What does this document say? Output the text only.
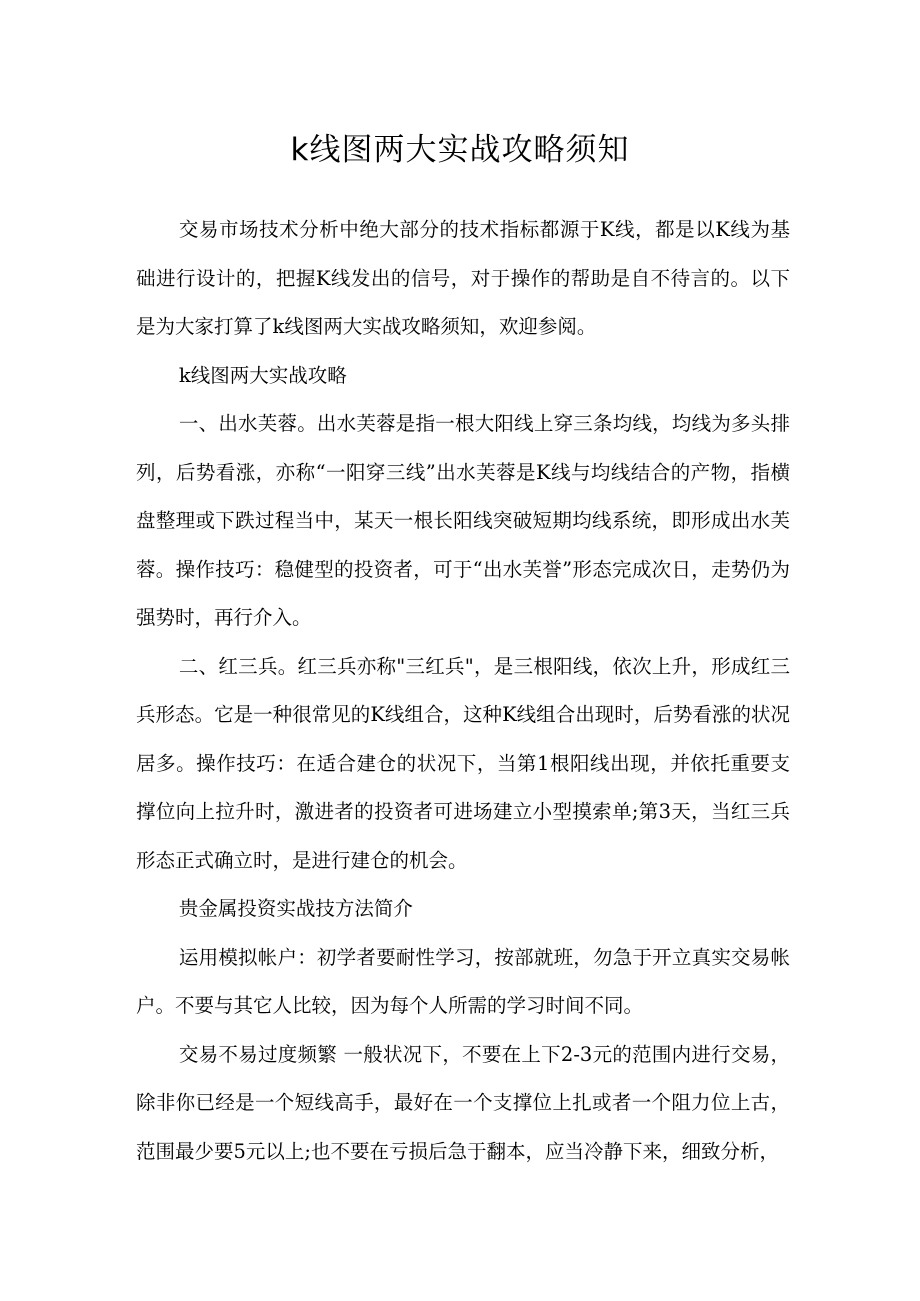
k线图两大实战攻略须知

交易市场技术分析中绝大部分的技术指标都源于K线，都是以K线为基础进行设计的，把握K线发出的信号，对于操作的帮助是自不待言的。以下是为大家打算了k线图两大实战攻略须知，欢迎参阅。

k线图两大实战攻略

一、出水芙蓉。出水芙蓉是指一根大阳线上穿三条均线，均线为多头排列，后势看涨，亦称“一阳穿三线”出水芙蓉是K线与均线结合的产物，指横盘整理或下跌过程当中，某天一根长阳线突破短期均线系统，即形成出水芙蓉。操作技巧：稳健型的投资者，可于“出水芙誉”形态完成次日，走势仍为强势时，再行介入。

二、红三兵。红三兵亦称"三红兵"，是三根阳线，依次上升，形成红三兵形态。它是一种很常见的K线组合，这种K线组合出现时，后势看涨的状况居多。操作技巧：在适合建仓的状况下，当第1根阳线出现，并依托重要支撑位向上拉升时，激进者的投资者可进场建立小型摸索单;第3天，当红三兵形态正式确立时，是进行建仓的机会。

贵金属投资实战技方法简介

运用模拟帐户：初学者要耐性学习，按部就班，勿急于开立真实交易帐户。不要与其它人比较，因为每个人所需的学习时间不同。

交易不易过度频繁 一般状况下，不要在上下2-3元的范围内进行交易，除非你已经是一个短线高手，最好在一个支撑位上扎或者一个阻力位上古，范围最少要5元以上;也不要在亏损后急于翻本，应当冷静下来，细致分析，
